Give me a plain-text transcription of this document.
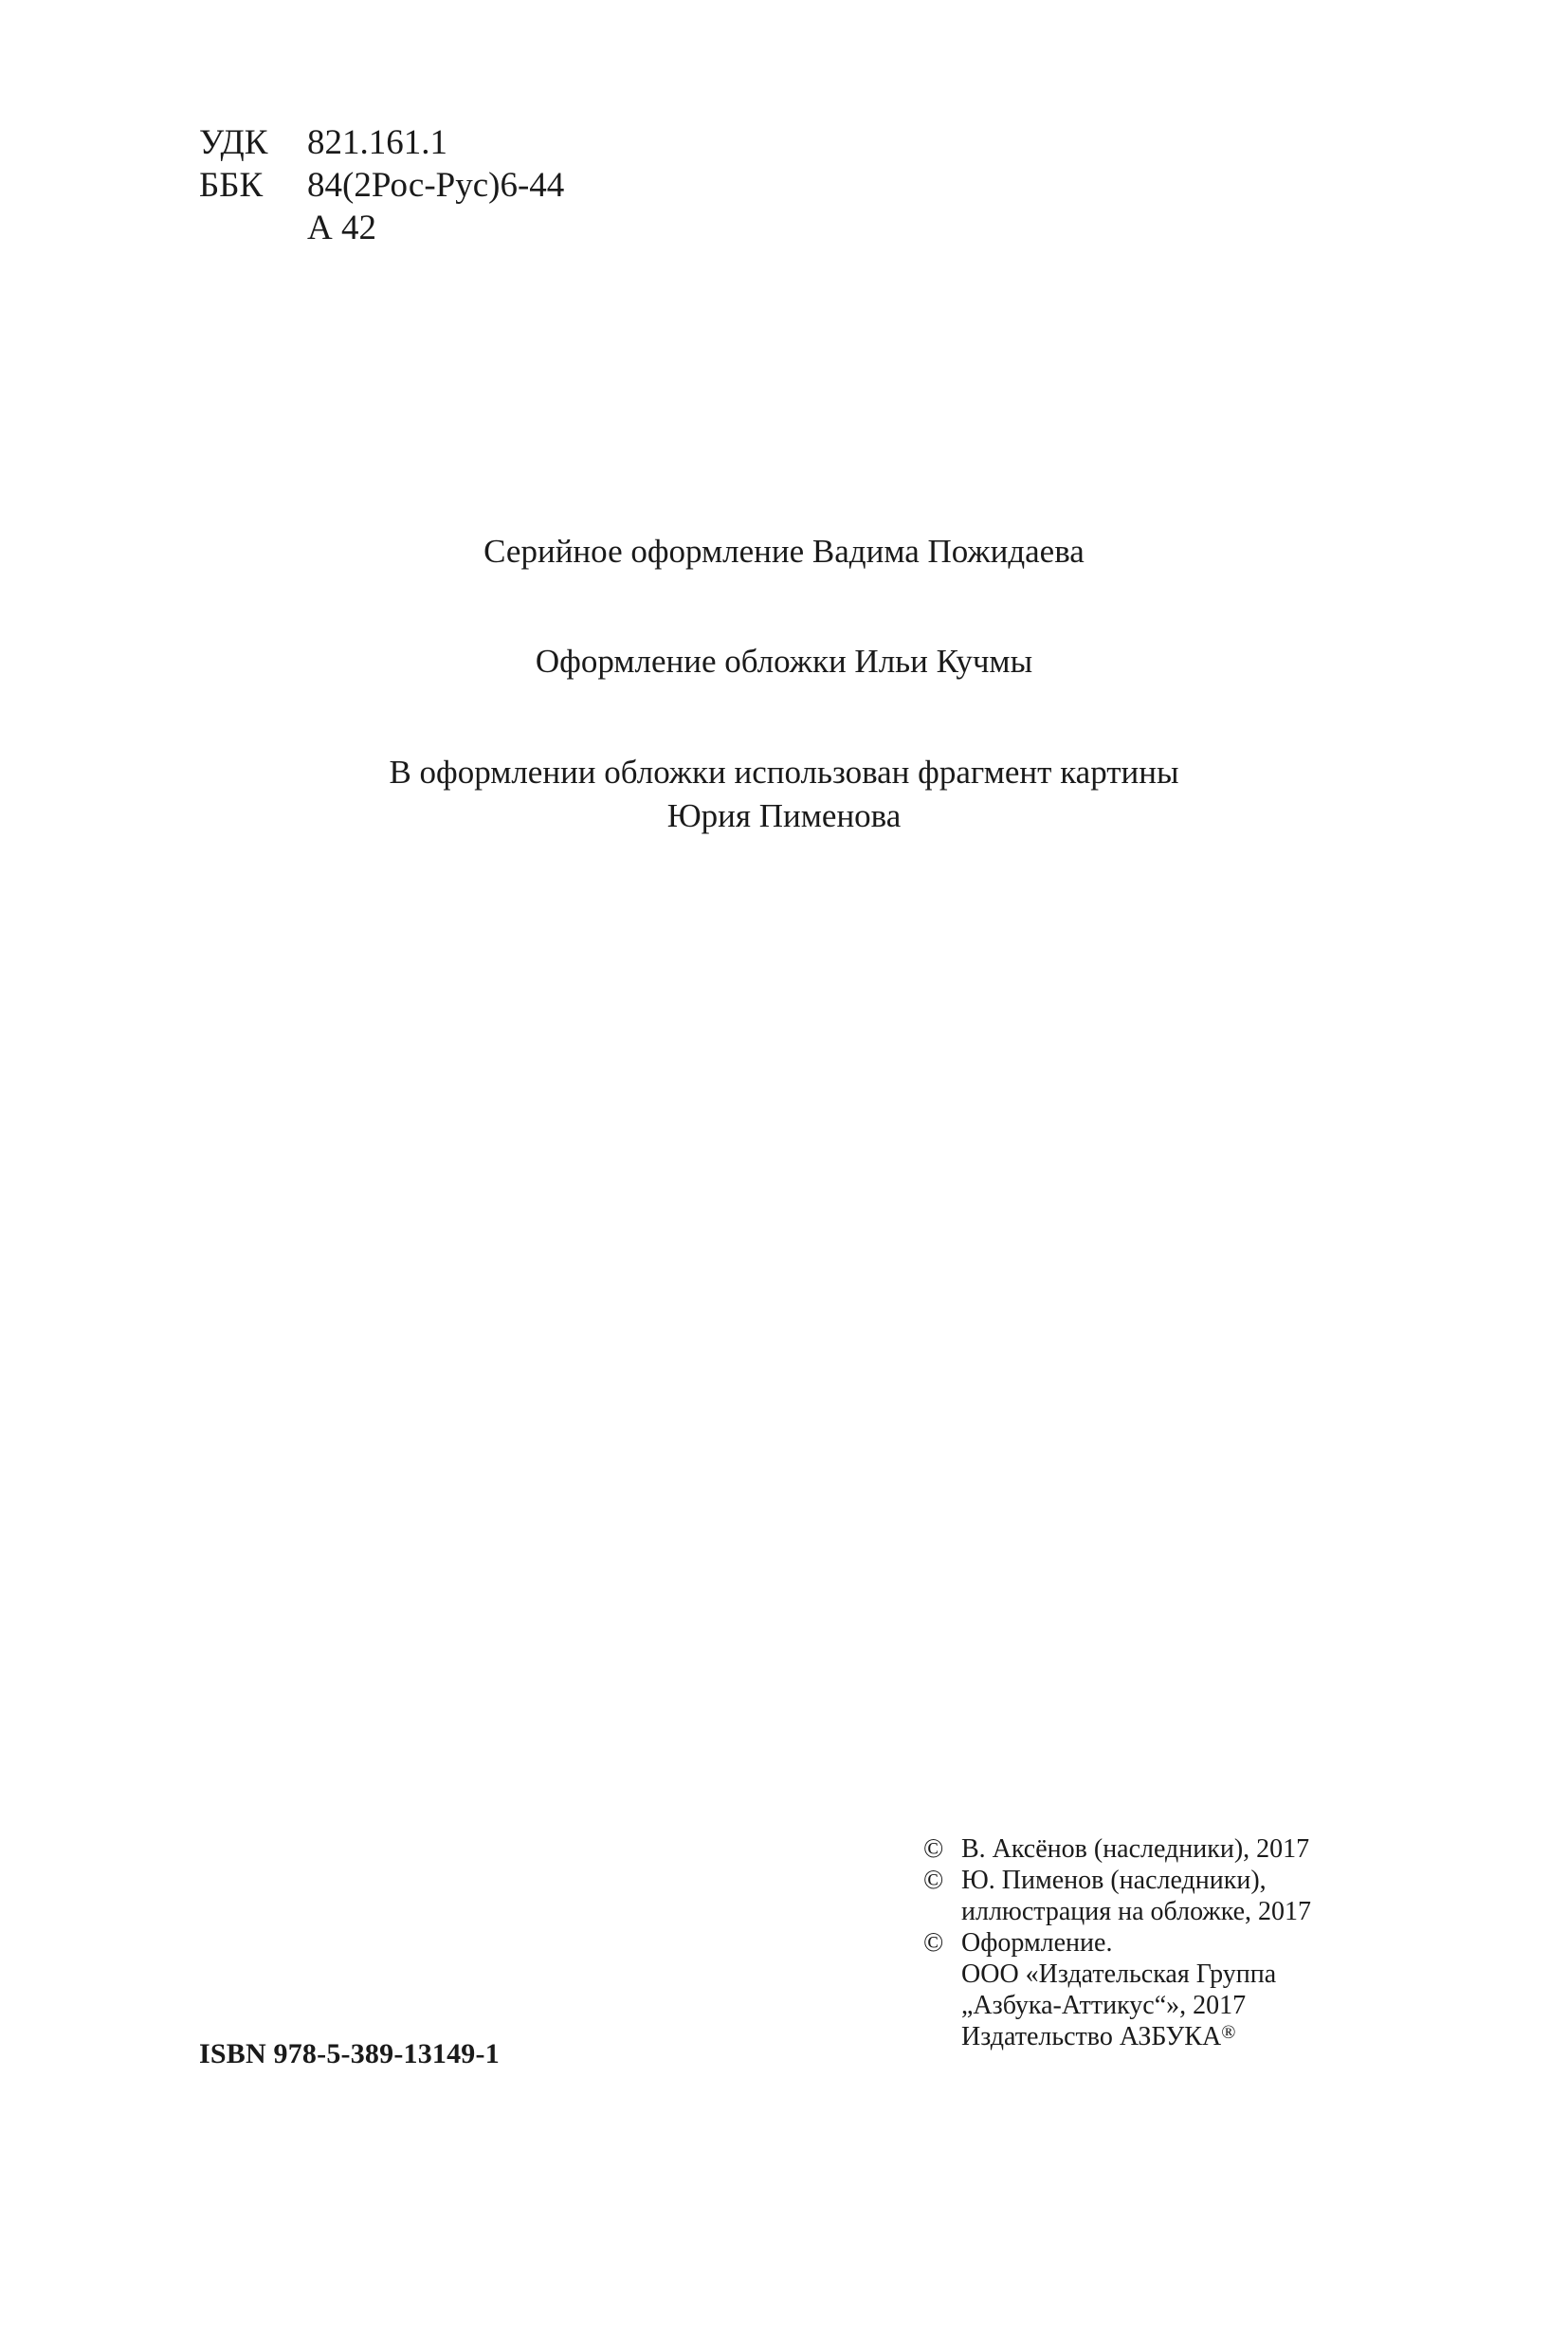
УДК 821.161.1
ББК 84(2Рос-Рус)6-44
А 42
Серийное оформление Вадима Пожидаева
Оформление обложки Ильи Кучмы
В оформлении обложки использован фрагмент картины
Юрия Пименова
© В. Аксёнов (наследники), 2017
© Ю. Пименов (наследники),
иллюстрация на обложке, 2017
© Оформление.
ООО «Издательская Группа
„Азбука-Аттикус“», 2017
Издательство АЗБУКА®
ISBN 978-5-389-13149-1
